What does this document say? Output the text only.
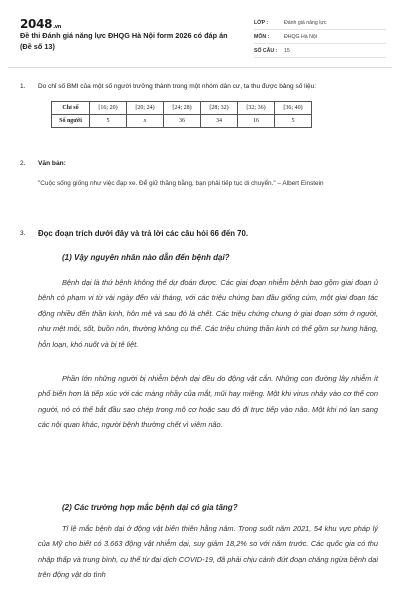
2048.vn
Đề thi Đánh giá năng lực ĐHQG Hà Nội form 2026 có đáp án (Đề số 13)
LỚP :	Đánh giá năng lực
MÔN :	ĐHQG Hà Nội
SỐ CÂU :	15
1. Do chỉ số BMI của một số người trưởng thành trong một nhóm dân cư, ta thu được bảng số liệu:
Chỉ số	[16; 20)	[20; 24)	[24; 28)	[28; 32)	[32; 36)	[36; 40)
Số người	5	x	36	34	16	5
2. Văn bản:
"Cuộc sống giống như việc đạp xe. Để giữ thăng bằng, bạn phải tiếp tục di chuyển." – Albert Einstein
3. Đọc đoạn trích dưới đây và trả lời các câu hỏi 66 đến 70.
(1) Vậy nguyên nhân nào dẫn đến bệnh dại?
Bệnh dại là thứ bệnh không thể dự đoán được. Các giai đoạn nhiễm bệnh bao gồm giai đoạn ủ bệnh có phạm vi từ vài ngày đến vài tháng, với các triệu chứng ban đầu giống cúm, một giai đoạn tác động nhiều đến thần kinh, hôn mê và sau đó là chết. Các triệu chứng chung ở giai đoạn sớm ở người, như mệt mỏi, sốt, buồn nôn, thường không cụ thể. Các triệu chứng thần kinh có thể gồm sự hung hăng, hỗn loạn, khó nuốt và bị tê liệt.
Phần lớn những người bị nhiễm bệnh dại đều do động vật cắn. Những con đường lây nhiễm ít phổ biến hơn là tiếp xúc với các màng nhầy của mắt, mũi hay miệng. Một khi virus nhảy vào cơ thể con người, nó có thể bắt đầu sao chép trong mô cơ hoặc sau đó đi trực tiếp vào não. Một khi nó lan sang các nội quan khác, người bệnh thường chết vì viêm não.
(2) Các trường hợp mắc bệnh dại có gia tăng?
Tỉ lệ mắc bệnh dại ở động vật biến thiên hằng năm. Trong suốt năm 2021, 54 khu vực pháp lý của Mỹ cho biết có 3.663 động vật nhiễm dại, suy giảm 18,2% so với năm trước. Các quốc gia có thu nhập thấp và trung bình, cụ thể từ đại dịch COVID-19, đã phải chịu cảnh đứt đoạn chăng ngừa bệnh dại trên động vật do tình
